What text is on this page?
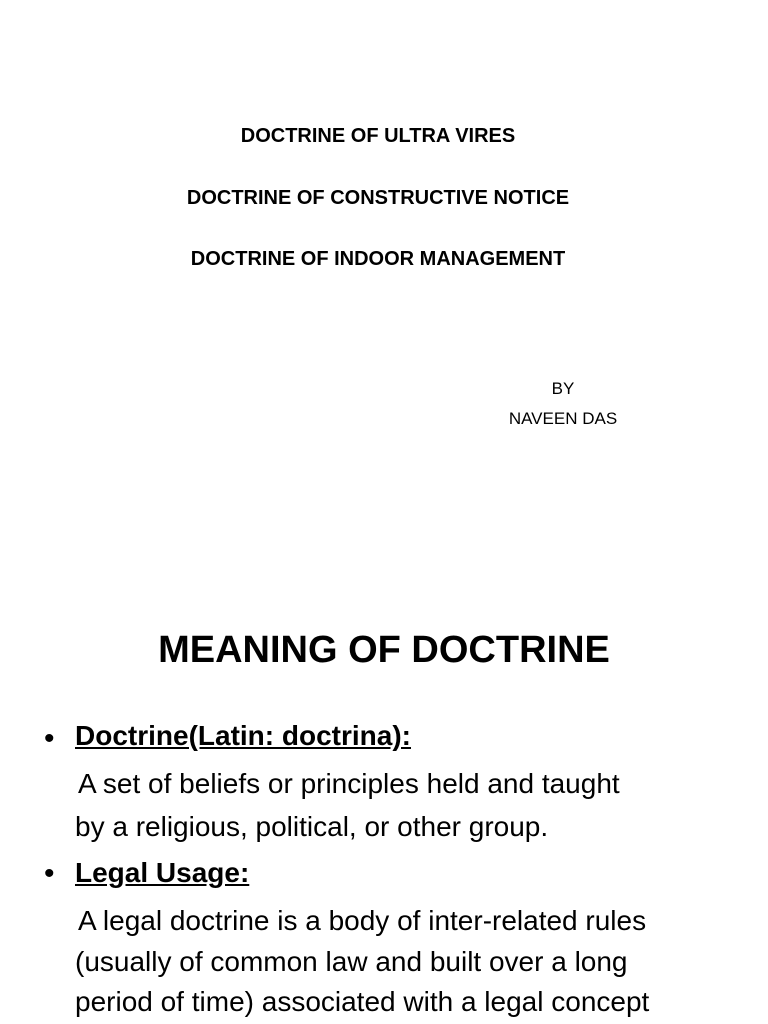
DOCTRINE OF ULTRA VIRES
DOCTRINE OF CONSTRUCTIVE NOTICE
DOCTRINE OF INDOOR MANAGEMENT
BY
NAVEEN DAS
MEANING OF DOCTRINE
• Doctrine(Latin: doctrina):
A set of beliefs or principles held and taught
by a religious, political, or other group.
• Legal Usage:
A legal doctrine is a body of inter-related rules
(usually of common law and built over a long
period of time) associated with a legal concept
